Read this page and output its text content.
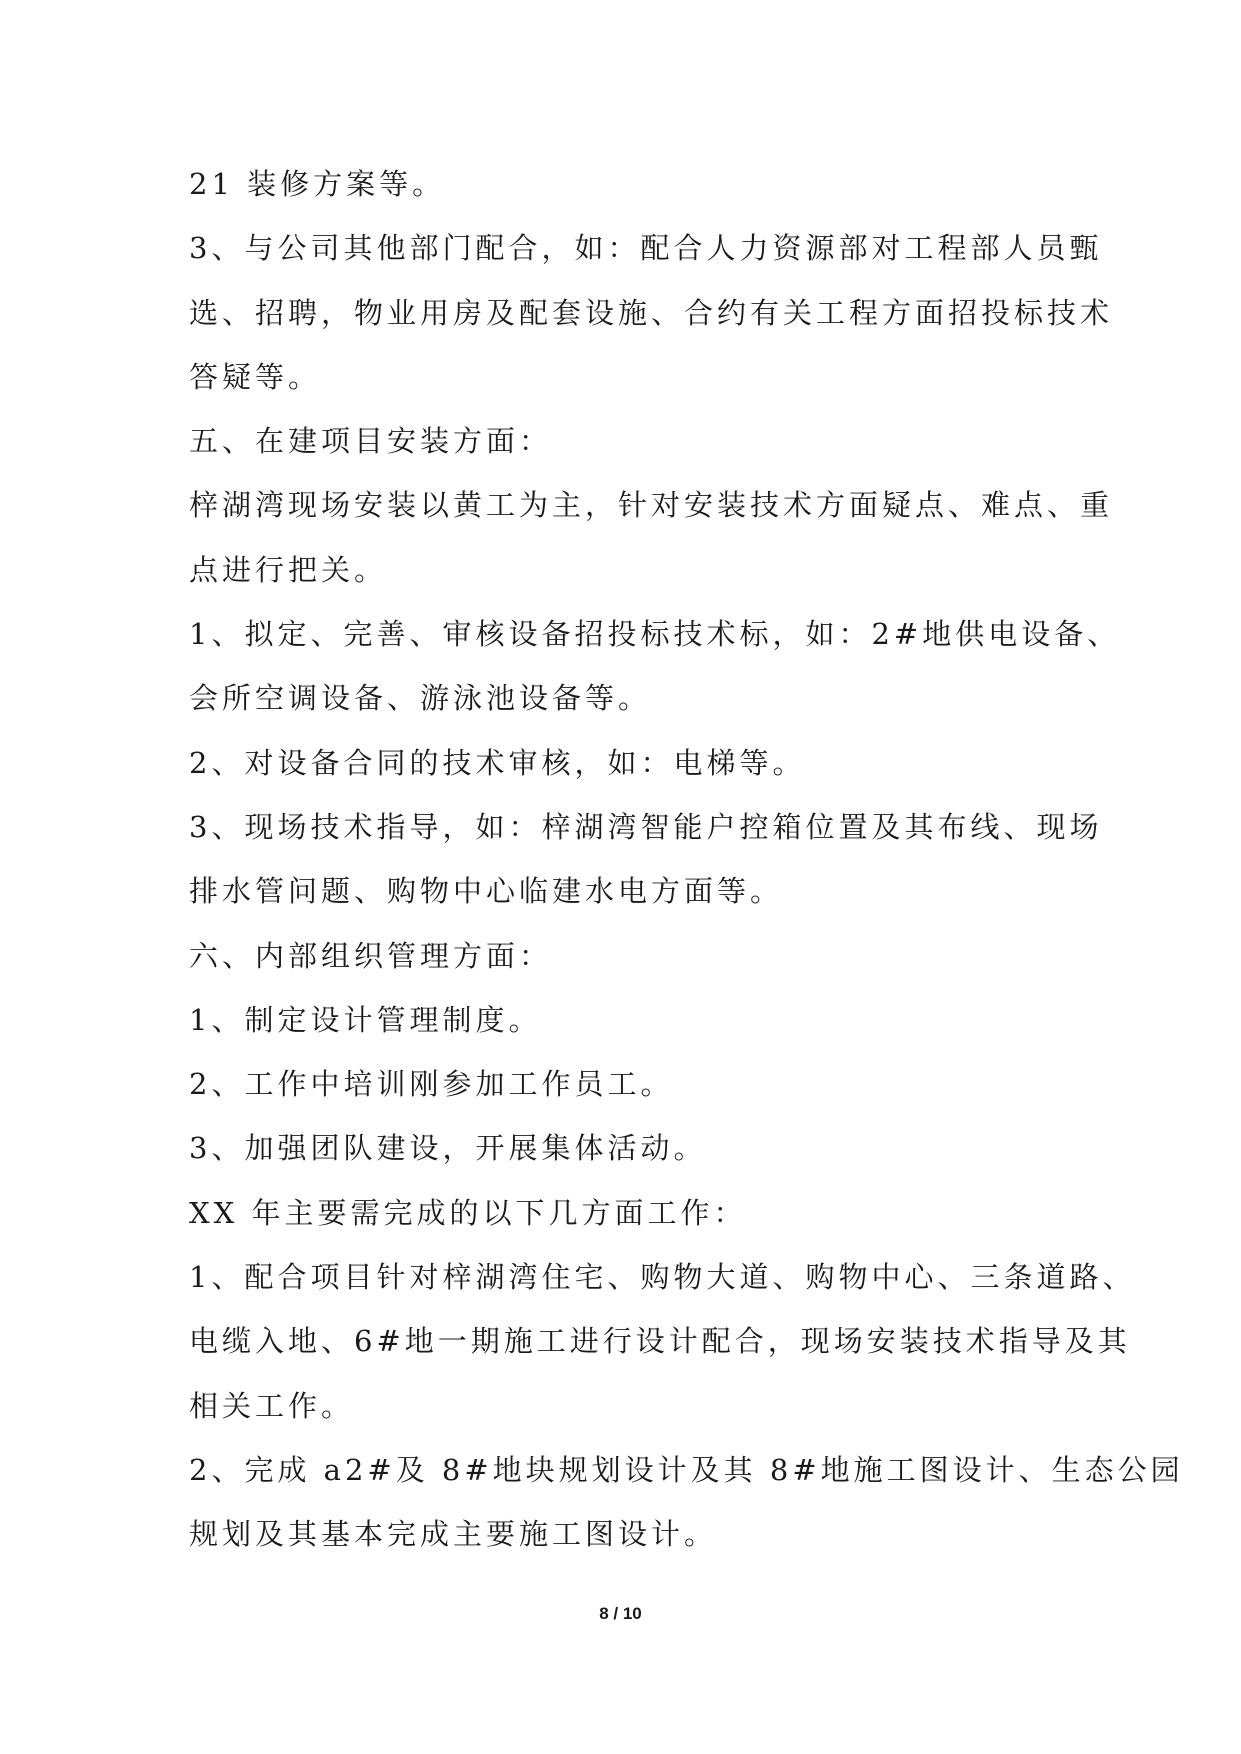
21 装修方案等。
3、与公司其他部门配合，如：配合人力资源部对工程部人员甄
选、招聘，物业用房及配套设施、合约有关工程方面招投标技术
答疑等。
五、在建项目安装方面：
梓湖湾现场安装以黄工为主，针对安装技术方面疑点、难点、重
点进行把关。
1、拟定、完善、审核设备招投标技术标，如：2#地供电设备、
会所空调设备、游泳池设备等。
2、对设备合同的技术审核，如：电梯等。
3、现场技术指导，如：梓湖湾智能户控箱位置及其布线、现场
排水管问题、购物中心临建水电方面等。
六、内部组织管理方面：
1、制定设计管理制度。
2、工作中培训刚参加工作员工。
3、加强团队建设，开展集体活动。
XX 年主要需完成的以下几方面工作：
1、配合项目针对梓湖湾住宅、购物大道、购物中心、三条道路、
电缆入地、6#地一期施工进行设计配合，现场安装技术指导及其
相关工作。
2、完成 a2#及 8#地块规划设计及其 8#地施工图设计、生态公园
规划及其基本完成主要施工图设计。
8 / 10
